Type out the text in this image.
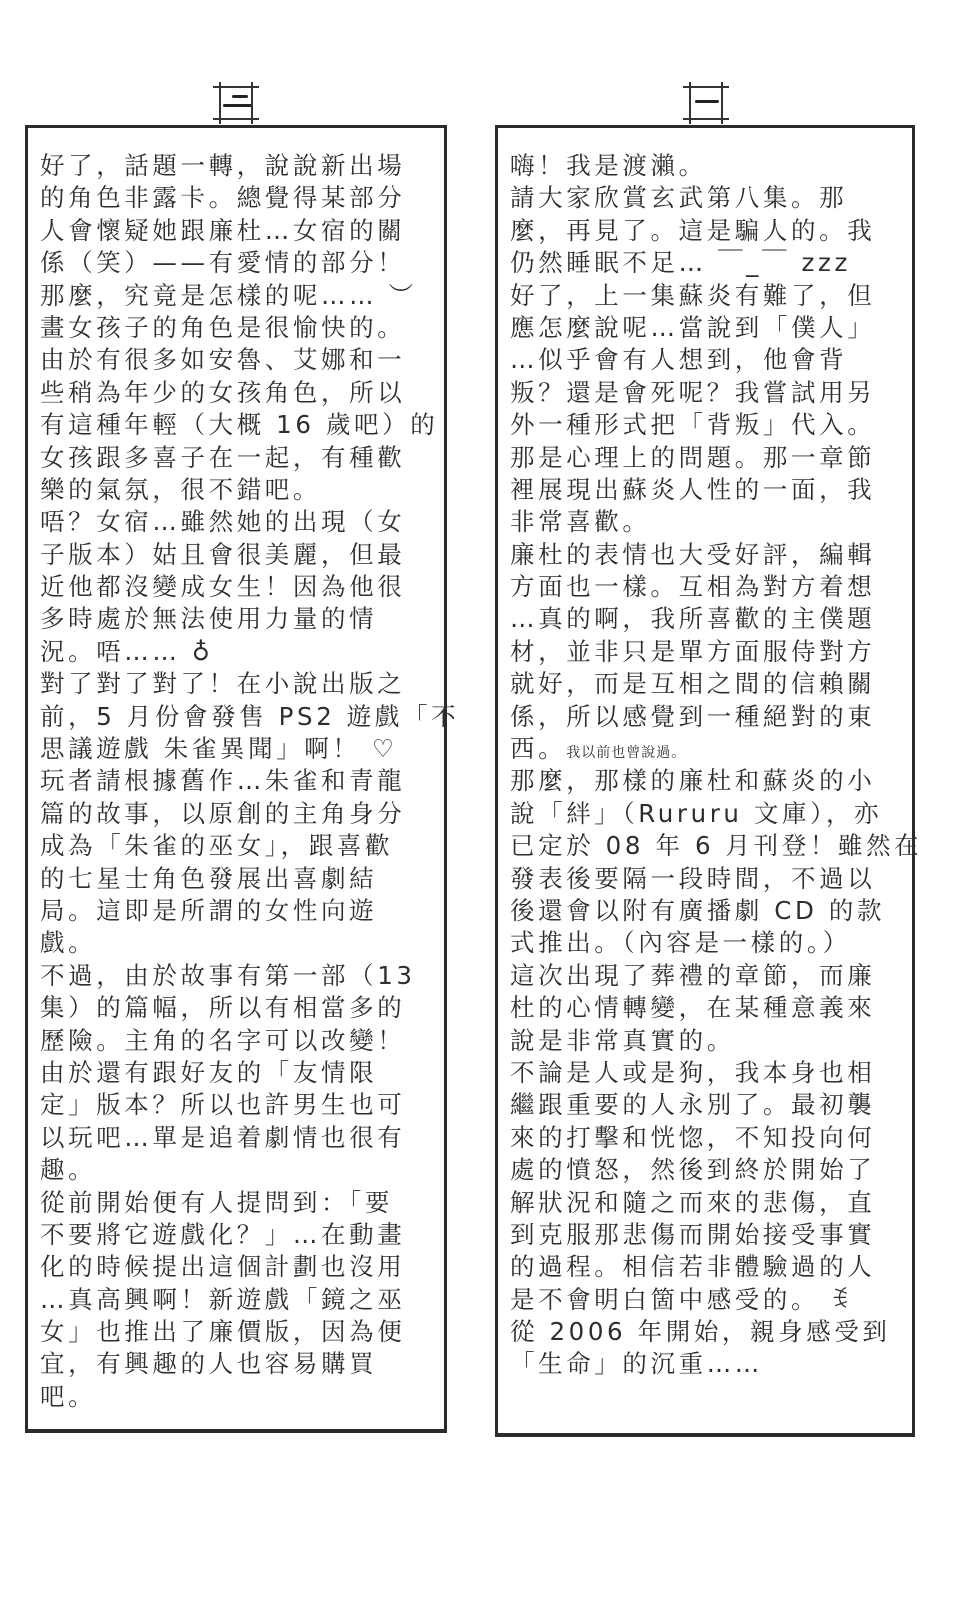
好了，話題一轉，說說新出場
的角色非露卡。總覺得某部分
人會懷疑她跟廉杜…女宿的關
係（笑）——有愛情的部分！
那麼，究竟是怎樣的呢…… ︶
畫女孩子的角色是很愉快的。
由於有很多如安魯、艾娜和一
些稍為年少的女孩角色，所以
有這種年輕（大概 16 歲吧）的
女孩跟多喜子在一起，有種歡
樂的氣氛，很不錯吧。
唔？女宿…雖然她的出現（女
子版本）姑且會很美麗，但最
近他都沒變成女生！因為他很
多時處於無法使用力量的情
況。唔…… ♁
對了對了對了！在小說出版之
前，5 月份會發售 PS2 遊戲「不
思議遊戲 朱雀異聞」啊！ ♡
玩者請根據舊作…朱雀和青龍
篇的故事，以原創的主角身分
成為「朱雀的巫女」，跟喜歡
的七星士角色發展出喜劇結
局。這即是所謂的女性向遊
戲。
不過，由於故事有第一部（13
集）的篇幅，所以有相當多的
歷險。主角的名字可以改變！
由於還有跟好友的「友情限
定」版本？所以也許男生也可
以玩吧…單是追着劇情也很有
趣。
從前開始便有人提問到：「要
不要將它遊戲化？」…在動畫
化的時候提出這個計劃也沒用
…真高興啊！新遊戲「鏡之巫
女」也推出了廉價版，因為便
宜，有興趣的人也容易購買
吧。
嗨！我是渡瀨。
請大家欣賞玄武第八集。那
麼，再見了。這是騙人的。我
仍然睡眠不足… ￣_￣ zzz
好了，上一集蘇炎有難了，但
應怎麼說呢…當說到「僕人」
…似乎會有人想到，他會背
叛？還是會死呢？我嘗試用另
外一種形式把「背叛」代入。
那是心理上的問題。那一章節
裡展現出蘇炎人性的一面，我
非常喜歡。
廉杜的表情也大受好評，編輯
方面也一樣。互相為對方着想
…真的啊，我所喜歡的主僕題
材，並非只是單方面服侍對方
就好，而是互相之間的信賴關
係，所以感覺到一種絕對的東
西。我以前也曾說過。
那麼，那樣的廉杜和蘇炎的小
說「絆」（Rururu 文庫），亦
已定於 08 年 6 月刊登！雖然在
發表後要隔一段時間，不過以
後還會以附有廣播劇 CD 的款
式推出。（內容是一樣的。）
這次出現了葬禮的章節，而廉
杜的心情轉變，在某種意義來
說是非常真實的。
不論是人或是狗，我本身也相
繼跟重要的人永別了。最初襲
來的打擊和恍惚，不知投向何
處的憤怒，然後到終於開始了
解狀況和隨之而來的悲傷，直
到克服那悲傷而開始接受事實
的過程。相信若非體驗過的人
是不會明白箇中感受的。 ꉂ
從 2006 年開始，親身感受到
「生命」的沉重……
